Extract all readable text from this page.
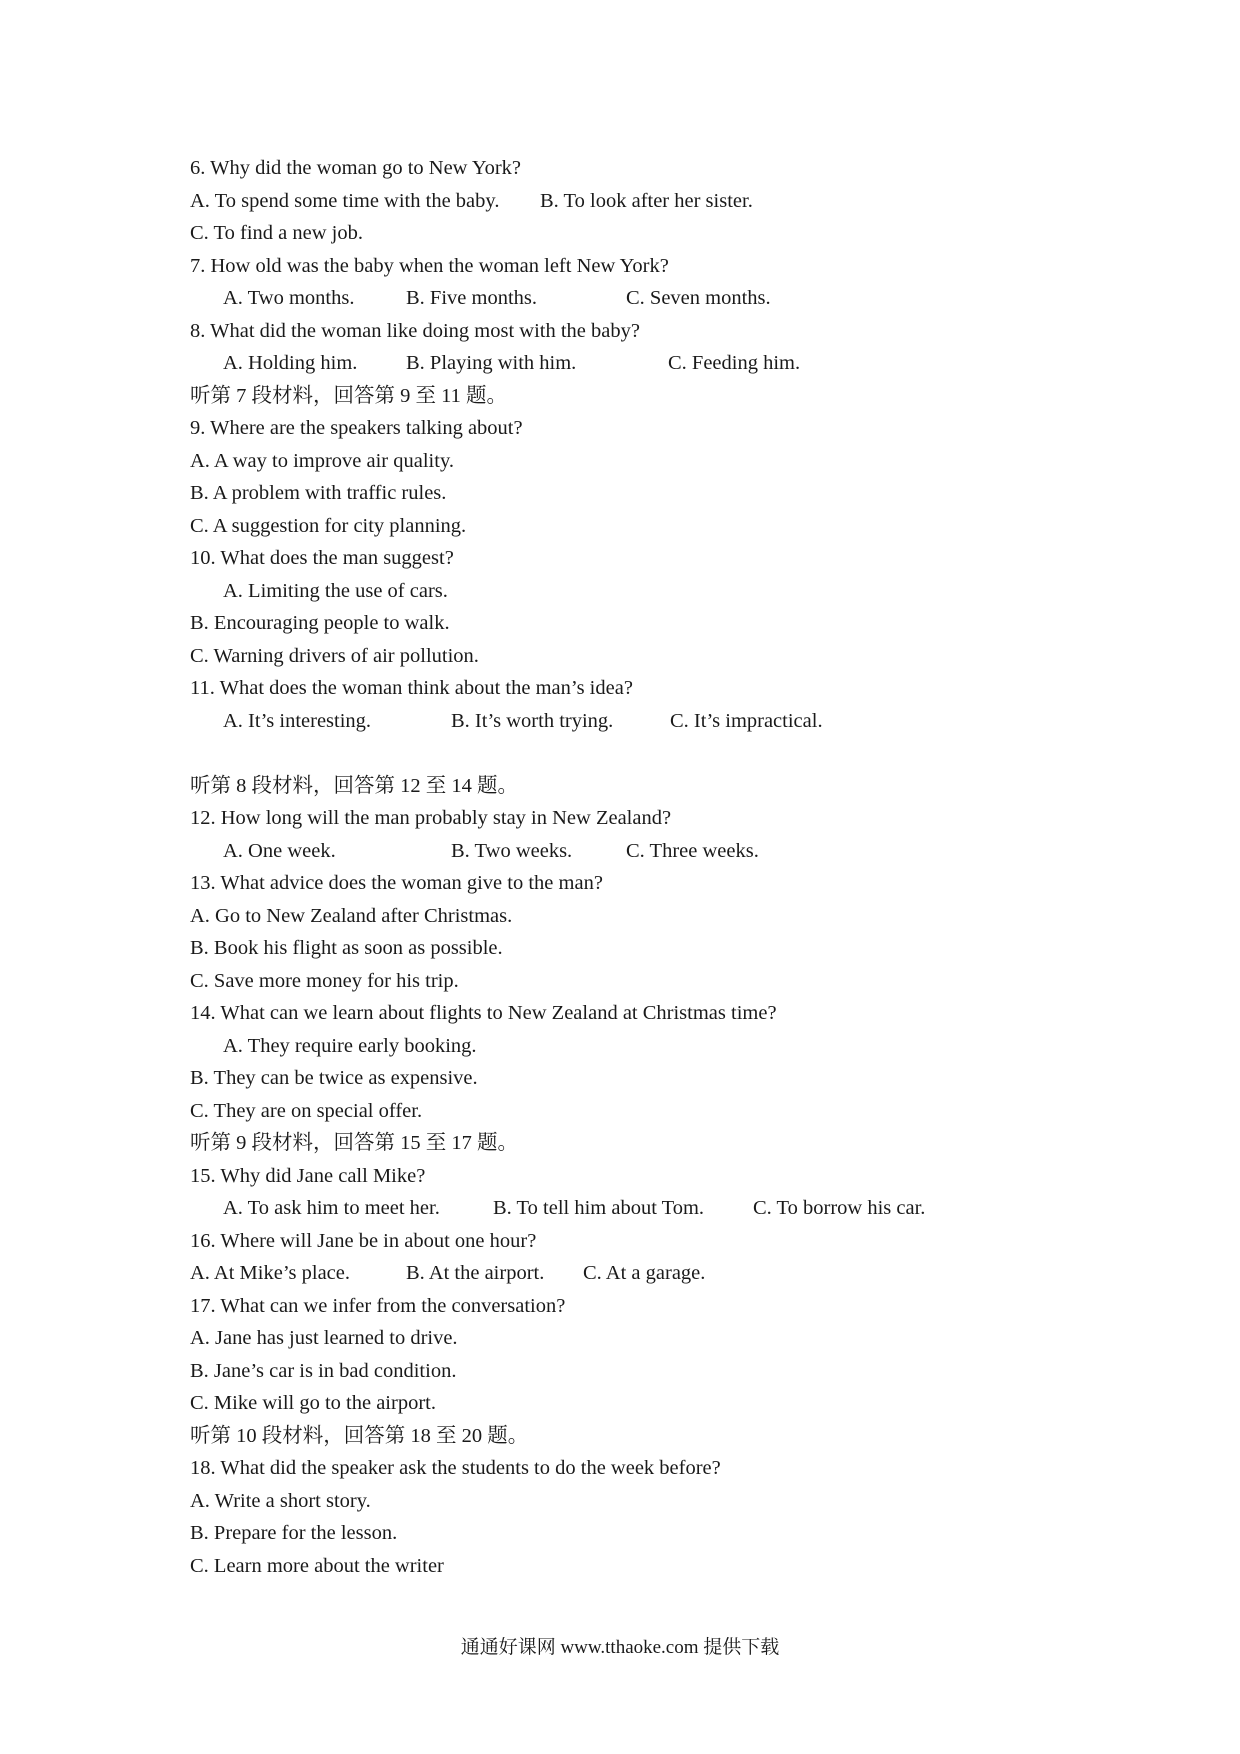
6. Why did the woman go to New York?
A. To spend some time with the baby. B. To look after her sister.
C. To find a new job.
7. How old was the baby when the woman left New York?
A. Two months.	B. Five months.	C. Seven months.
8. What did the woman like doing most with the baby?
A. Holding him. B. Playing with him.	C. Feeding him.
听第 7 段材料，回答第 9 至 11 题。
9. Where are the speakers talking about?
A. A way to improve air quality.
B. A problem with traffic rules.
C. A suggestion for city planning.
10. What does the man suggest?
A. Limiting the use of cars.
B. Encouraging people to walk.
C. Warning drivers of air pollution.
11. What does the woman think about the man’s idea?
A. It’s interesting.	B. It’s worth trying.	C. It’s impractical.
听第 8 段材料，回答第 12 至 14 题。
12. How long will the man probably stay in New Zealand?
A. One week.	B. Two weeks.	C. Three weeks.
13. What advice does the woman give to the man?
A. Go to New Zealand after Christmas.
B. Book his flight as soon as possible.
C. Save more money for his trip.
14. What can we learn about flights to New Zealand at Christmas time?
A. They require early booking.
B. They can be twice as expensive.
C. They are on special offer.
听第 9 段材料，回答第 15 至 17 题。
15. Why did Jane call Mike?
A. To ask him to meet her.	B. To tell him about Tom. C. To borrow his car.
16. Where will Jane be in about one hour?
A. At Mike’s place.	B. At the airport. C. At a garage.
17. What can we infer from the conversation?
A. Jane has just learned to drive.
B. Jane’s car is in bad condition.
C. Mike will go to the airport.
听第 10 段材料，回答第 18 至 20 题。
18. What did the speaker ask the students to do the week before?
A. Write a short story.
B. Prepare for the lesson.
C. Learn more about the writer
通通好课网 www.tthaoke.com 提供下载
